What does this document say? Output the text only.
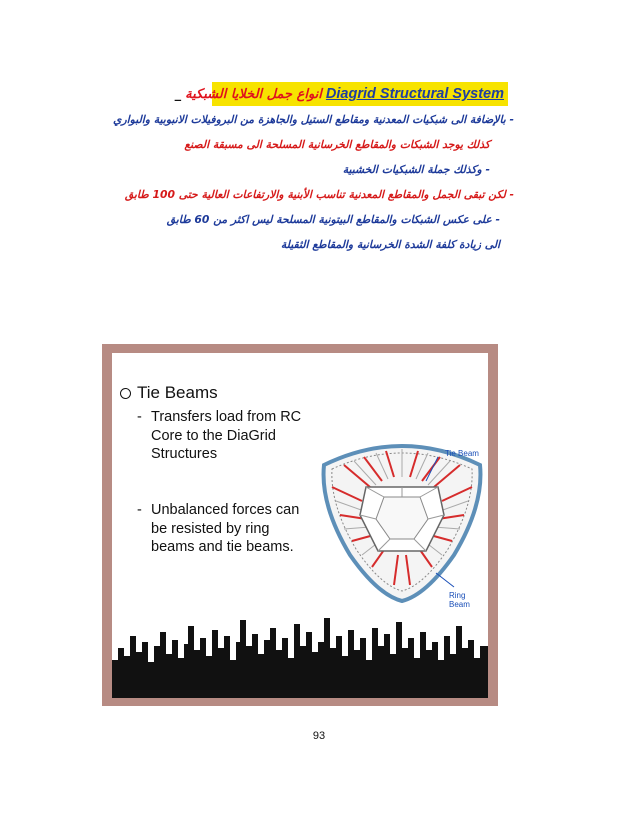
Diagrid Structural System
انواع جمل الخلايا الشبكية
_
- بالإضافة الى شبكيات المعدنية ومقاطع الستيل والجاهزة من البروفيلات الانبوبية والبواري
كذلك يوجد الشبكات والمقاطع الخرسانية المسلحة الى مسبقة الصنع
- وكذلك جملة الشبكيات الخشبية
- لكن تبقى الجمل والمقاطع المعدنية تناسب الأبنية والارتفاعات العالية حتى 100 طابق
- على عكس الشبكات والمقاطع البيتونية المسلحة ليس اكثر من 60 طابق
الى زيادة كلفة الشدة الخرسانية والمقاطع الثقيلة
Tie Beams
- Transfers load from RC
Core to the DiaGrid
Structures
- Unbalanced forces can
be resisted by ring
beams and tie beams.
Tie Beam
Ring Beam
93
